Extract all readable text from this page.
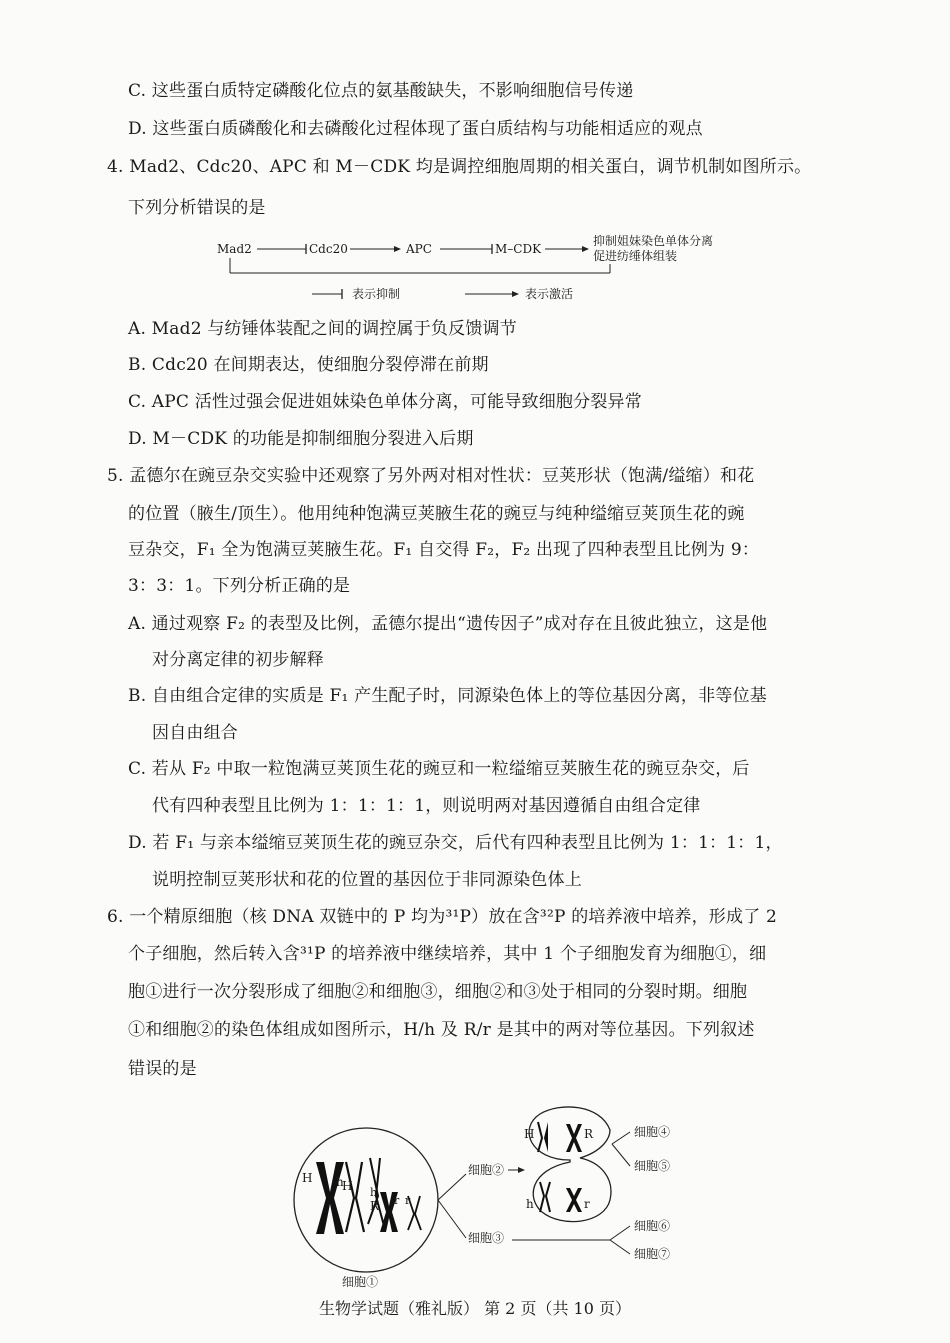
C. 这些蛋白质特定磷酸化位点的氨基酸缺失，不影响细胞信号传递
D. 这些蛋白质磷酸化和去磷酸化过程体现了蛋白质结构与功能相适应的观点
4. Mad2、Cdc20、APC 和 M－CDK 均是调控细胞周期的相关蛋白，调节机制如图所示。
下列分析错误的是
Mad2	Cdc20	APC	M–CDK
抑制姐妹染色单体分离
促进纺缍体组装
表示抑制	表示激活
A. Mad2 与纺锤体装配之间的调控属于负反馈调节
B. Cdc20 在间期表达，使细胞分裂停滞在前期
C. APC 活性过强会促进姐妹染色单体分离，可能导致细胞分裂异常
D. M－CDK 的功能是抑制细胞分裂进入后期
5. 孟德尔在豌豆杂交实验中还观察了另外两对相对性状：豆荚形状（饱满/缢缩）和花
的位置（腋生/顶生）。他用纯种饱满豆荚腋生花的豌豆与纯种缢缩豆荚顶生花的豌
豆杂交，F₁ 全为饱满豆荚腋生花。F₁ 自交得 F₂，F₂ 出现了四种表型且比例为 9：
3：3：1。下列分析正确的是
A. 通过观察 F₂ 的表型及比例，孟德尔提出“遗传因子”成对存在且彼此独立，这是他
对分离定律的初步解释
B. 自由组合定律的实质是 F₁ 产生配子时，同源染色体上的等位基因分离，非等位基
因自由组合
C. 若从 F₂ 中取一粒饱满豆荚顶生花的豌豆和一粒缢缩豆荚腋生花的豌豆杂交，后
代有四种表型且比例为 1：1：1：1，则说明两对基因遵循自由组合定律
D. 若 F₁ 与亲本缢缩豆荚顶生花的豌豆杂交，后代有四种表型且比例为 1：1：1：1，
说明控制豆荚形状和花的位置的基因位于非同源染色体上
6. 一个精原细胞（核 DNA 双链中的 P 均为³¹P）放在含³²P 的培养液中培养，形成了 2
个子细胞，然后转入含³¹P 的培养液中继续培养，其中 1 个子细胞发育为细胞①，细
胞①进行一次分裂形成了细胞②和细胞③，细胞②和③处于相同的分裂时期。细胞
①和细胞②的染色体组成如图所示，H/h 及 R/r 是其中的两对等位基因。下列叙述
错误的是
H h
H h
R r r
细胞①
细胞②
细胞③
H	R
h	r
细胞④
细胞⑤
细胞⑥
细胞⑦
生物学试题（雅礼版） 第 2 页（共 10 页）
